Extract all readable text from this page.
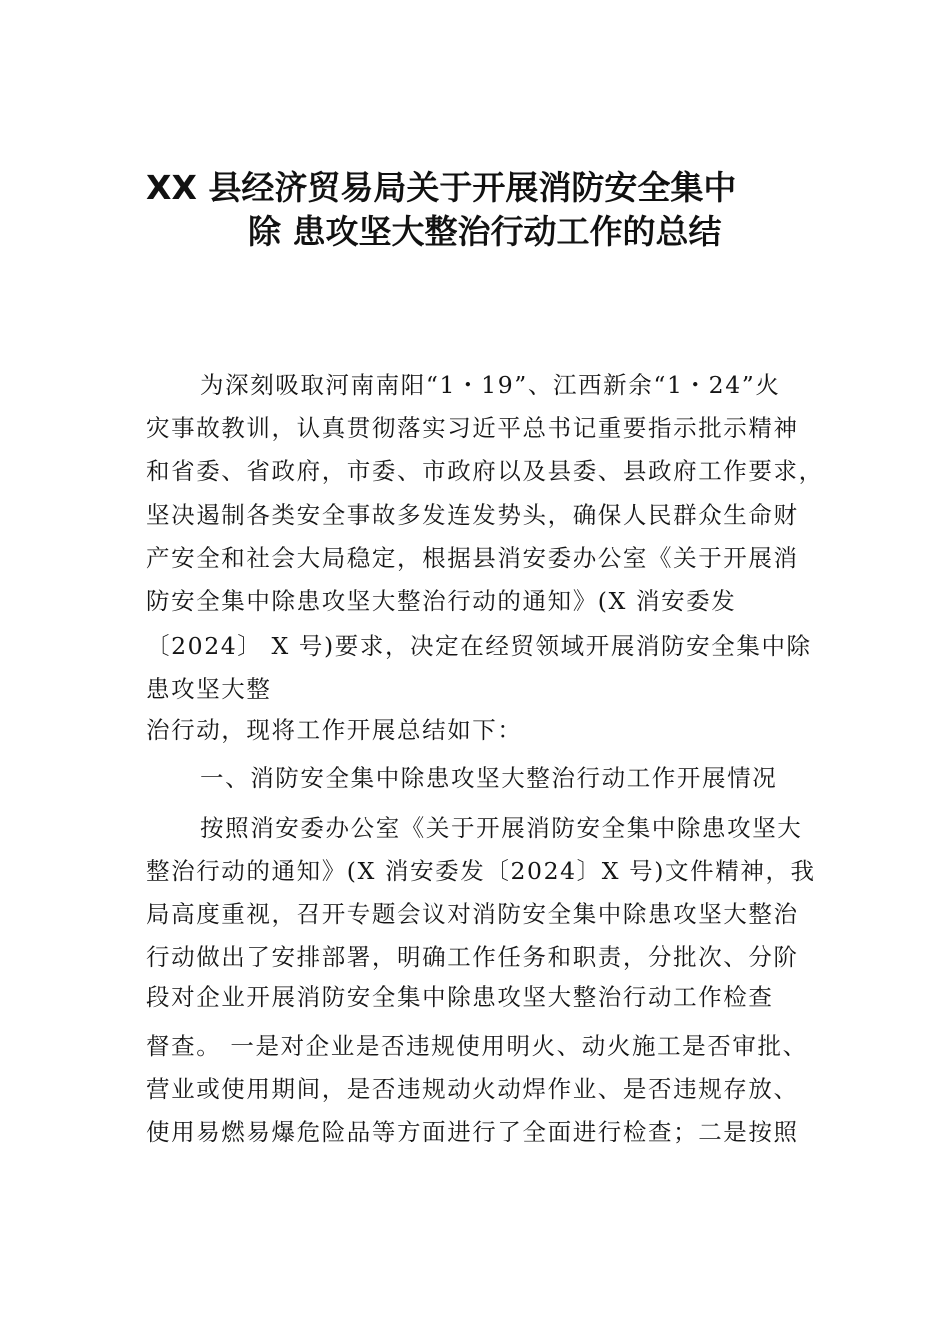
XX 县经济贸易局关于开展消防安全集中
除 患攻坚大整治行动工作的总结
为深刻吸取河南南阳“1・19”、江西新余“1・24”火
灾事故教训，认真贯彻落实习近平总书记重要指示批示精神
和省委、省政府，市委、市政府以及县委、县政府工作要求，
坚决遏制各类安全事故多发连发势头，确保人民群众生命财
产安全和社会大局稳定，根据县消安委办公室《关于开展消
防安全集中除患攻坚大整治行动的通知》(X 消安委发
〔2024〕 X 号)要求，决定在经贸领域开展消防安全集中除
患攻坚大整
治行动，现将工作开展总结如下：
一、消防安全集中除患攻坚大整治行动工作开展情况
按照消安委办公室《关于开展消防安全集中除患攻坚大
整治行动的通知》(X 消安委发〔2024〕X 号)文件精神，我
局高度重视，召开专题会议对消防安全集中除患攻坚大整治
行动做出了安排部署，明确工作任务和职责，分批次、分阶
段对企业开展消防安全集中除患攻坚大整治行动工作检查
督查。 一是对企业是否违规使用明火、动火施工是否审批、
营业或使用期间，是否违规动火动焊作业、是否违规存放、
使用易燃易爆危险品等方面进行了全面进行检查；二是按照
